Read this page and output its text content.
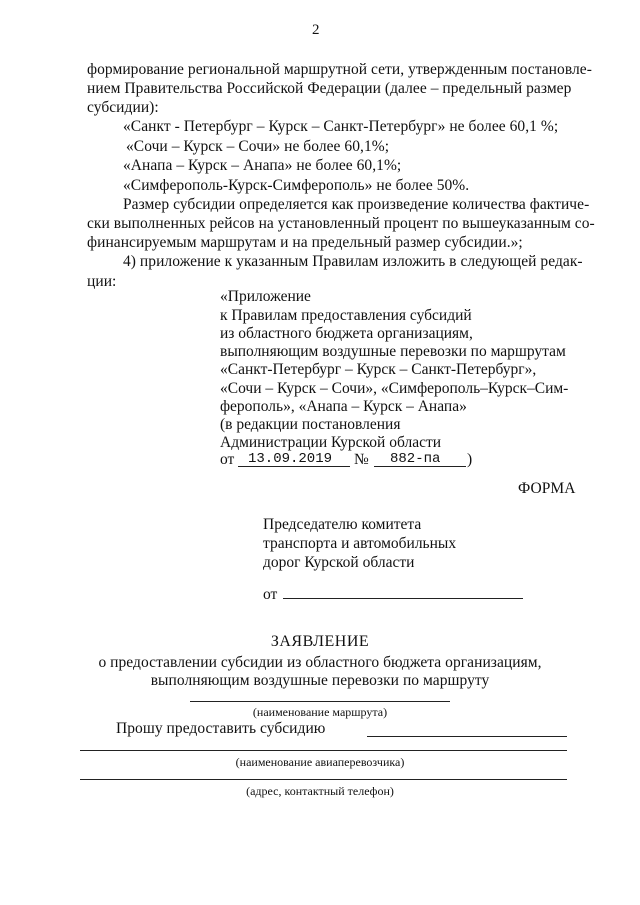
2
формирование региональной маршрутной сети, утвержденным постановле-
нием Правительства Российской Федерации (далее – предельный размер
субсидии):
«Санкт - Петербург – Курск – Санкт-Петербург» не более 60,1 %;
«Сочи – Курск – Сочи» не более 60,1%;
«Анапа – Курск – Анапа» не более 60,1%;
«Симферополь-Курск-Симферополь» не более 50%.
Размер субсидии определяется как произведение количества фактиче-
ски выполненных рейсов на установленный процент по вышеуказанным со-
финансируемым маршрутам и на предельный размер субсидии.»;
4) приложение к указанным Правилам изложить в следующей редак-
ции:
«Приложение
к Правилам предоставления субсидий
из областного бюджета организациям,
выполняющим воздушные перевозки по маршрутам
«Санкт-Петербург – Курск – Санкт-Петербург»,
«Сочи – Курск – Сочи», «Симферополь–Курск–Сим-
ферополь», «Анапа – Курск – Анапа»
(в редакции постановления
Администрации Курской области
от 13.09.2019 № 882-па )
ФОРМА
Председателю комитета
транспорта и автомобильных
дорог Курской области
от
ЗАЯВЛЕНИЕ
о предоставлении субсидии из областного бюджета организациям,
выполняющим воздушные перевозки по маршруту
(наименование маршрута)
Прошу предоставить субсидию
(наименование авиаперевозчика)
(адрес, контактный телефон)
